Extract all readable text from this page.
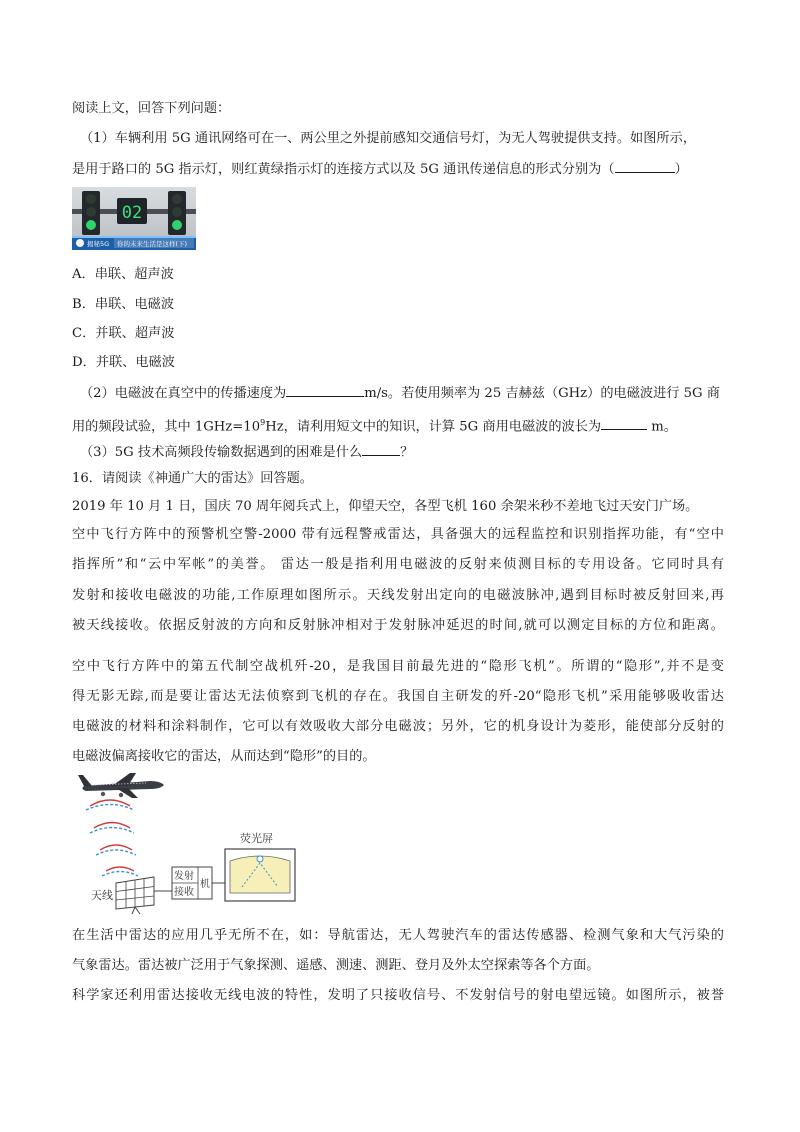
阅读上文，回答下列问题：
（1）车辆利用 5G 通讯网络可在一、两公里之外提前感知交通信号灯，为无人驾驶提供支持。如图所示，
是用于路口的 5G 指示灯，则红黄绿指示灯的连接方式以及 5G 通讯传递信息的形式分别为（	）
02
揭秘5G 你的未来生活是这样(下)
A．串联、超声波
B．串联、电磁波
C．并联、超声波
D．并联、电磁波
（2）电磁波在真空中的传播速度为	m/s。若使用频率为 25 吉赫兹（GHz）的电磁波进行 5G 商
用的频段试验，其中 $1GHz=10^9Hz$，请利用短文中的知识，计算 5G 商用电磁波的波长为	m。
（3）5G 技术高频段传输数据遇到的困难是什么	？
16．请阅读《神通广大的雷达》回答题。
2019 年 10 月 1 日，国庆 70 周年阅兵式上，仰望天空，各型飞机 160 余架米秒不差地飞过天安门广场。
空中飞行方阵中的预警机空警-2000 带有远程警戒雷达，具备强大的远程监控和识别指挥功能，有“空中
指挥所”和“云中军帐”的美誉。 雷达一般是指利用电磁波的反射来侦测目标的专用设备。它同时具有
发射和接收电磁波的功能,工作原理如图所示。天线发射出定向的电磁波脉冲,遇到目标时被反射回来,再
被天线接收。依据反射波的方向和反射脉冲相对于发射脉冲延迟的时间,就可以测定目标的方位和距离。
空中飞行方阵中的第五代制空战机歼-20，是我国目前最先进的“隐形飞机”。所谓的“隐形”,并不是变
得无影无踪,而是要让雷达无法侦察到飞机的存在。我国自主研发的歼-20“隐形飞机”采用能够吸收雷达
电磁波的材料和涂料制作，它可以有效吸收大部分电磁波；另外，它的机身设计为菱形，能使部分反射的
电磁波偏离接收它的雷达，从而达到“隐形”的目的。
天线
发射
接收
机
荧光屏
在生活中雷达的应用几乎无所不在，如：导航雷达，无人驾驶汽车的雷达传感器、检测气象和大气污染的
气象雷达。雷达被广泛用于气象探测、遥感、测速、测距、登月及外太空探索等各个方面。
科学家还利用雷达接收无线电波的特性，发明了只接收信号、不发射信号的射电望远镜。如图所示，被誉
